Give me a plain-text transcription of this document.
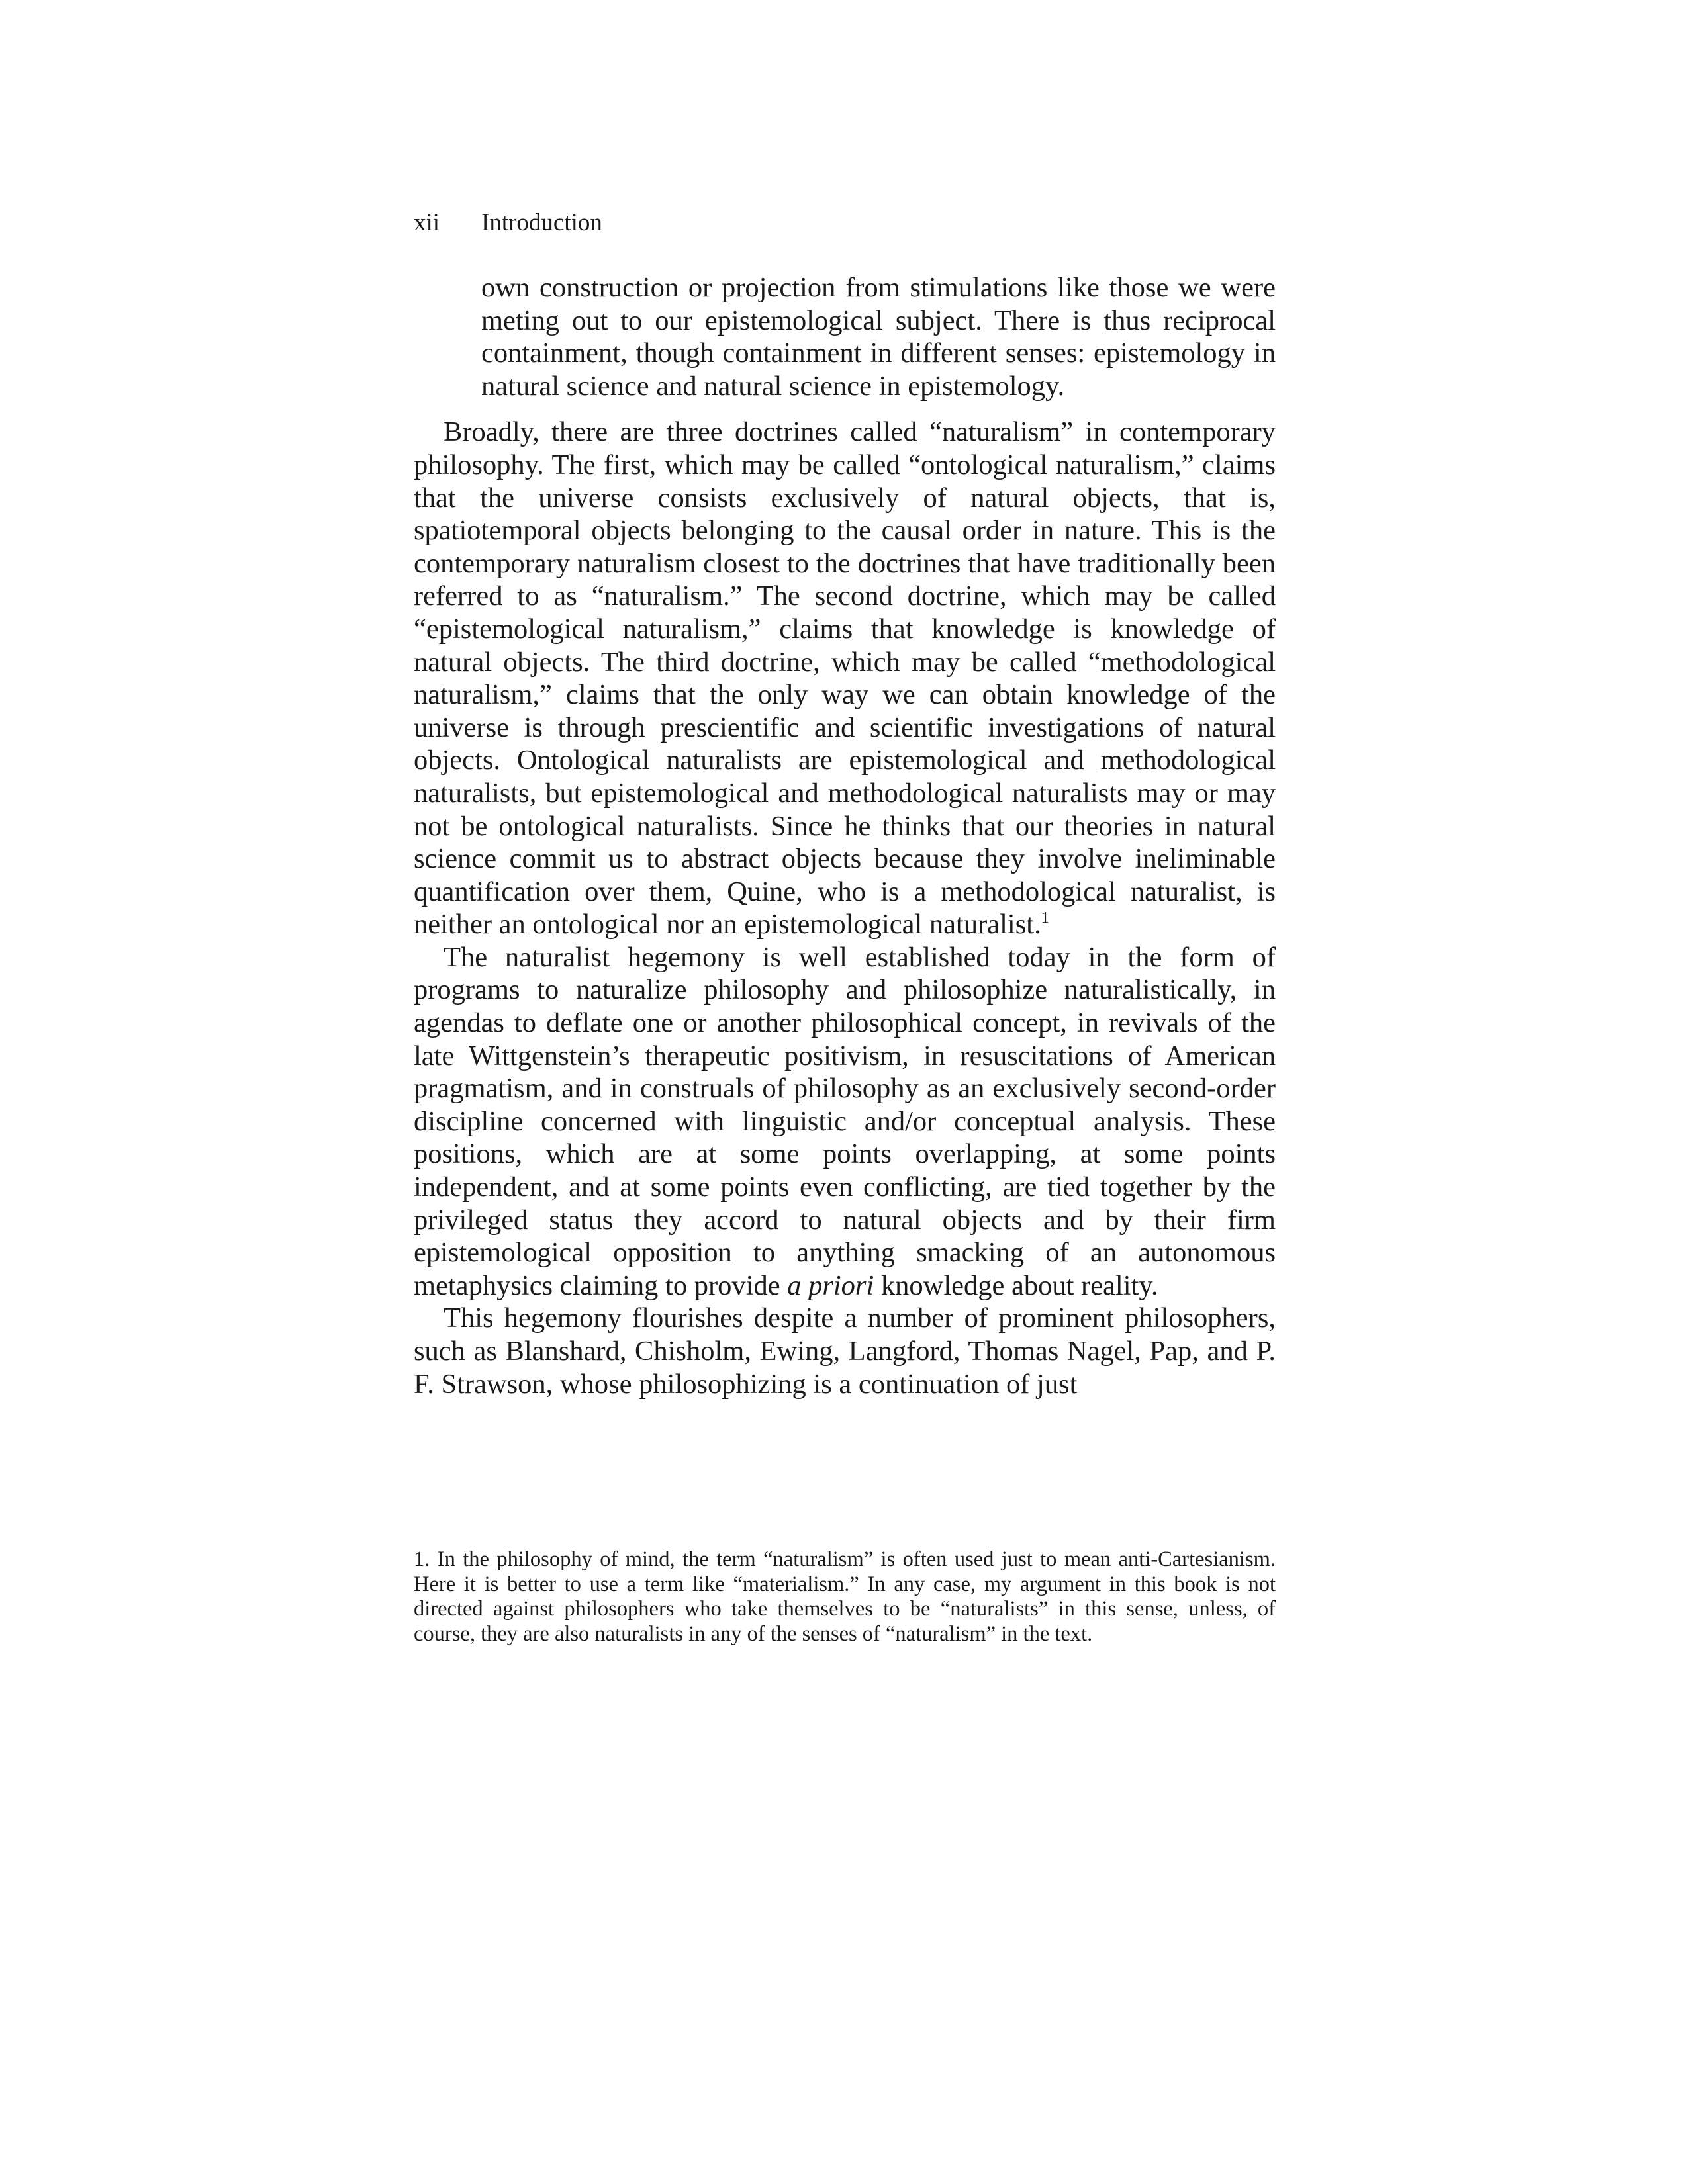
xii Introduction

own construction or projection from stimulations like those we were meting out to our epistemological subject. There is thus reciprocal containment, though containment in different senses: epistemology in natural science and natural science in epistemology.

Broadly, there are three doctrines called “naturalism” in contemporary philosophy. The first, which may be called “ontological naturalism,” claims that the universe consists exclusively of natural objects, that is, spatiotemporal objects belonging to the causal order in nature. This is the contemporary naturalism closest to the doctrines that have traditionally been referred to as “naturalism.” The second doctrine, which may be called “epistemological naturalism,” claims that knowledge is knowledge of natural objects. The third doctrine, which may be called “methodological naturalism,” claims that the only way we can obtain knowledge of the universe is through prescientific and scientific investigations of natural objects. Ontological naturalists are epistemological and methodological naturalists, but epistemological and methodological naturalists may or may not be ontological naturalists. Since he thinks that our theories in natural science commit us to abstract objects because they involve ineliminable quantification over them, Quine, who is a methodological naturalist, is neither an ontological nor an epistemological naturalist.$^1$

The naturalist hegemony is well established today in the form of programs to naturalize philosophy and philosophize naturalistically, in agendas to deflate one or another philosophical concept, in revivals of the late Wittgenstein’s therapeutic positivism, in resuscitations of American pragmatism, and in construals of philosophy as an exclusively second-order discipline concerned with linguistic and/or conceptual analysis. These positions, which are at some points overlapping, at some points independent, and at some points even conflicting, are tied together by the privileged status they accord to natural objects and by their firm epistemological opposition to anything smacking of an autonomous metaphysics claiming to provide a priori knowledge about reality.

This hegemony flourishes despite a number of prominent philosophers, such as Blanshard, Chisholm, Ewing, Langford, Thomas Nagel, Pap, and P. F. Strawson, whose philosophizing is a continuation of just

1. In the philosophy of mind, the term “naturalism” is often used just to mean anti-Cartesianism. Here it is better to use a term like “materialism.” In any case, my argument in this book is not directed against philosophers who take themselves to be “naturalists” in this sense, unless, of course, they are also naturalists in any of the senses of “naturalism” in the text.
